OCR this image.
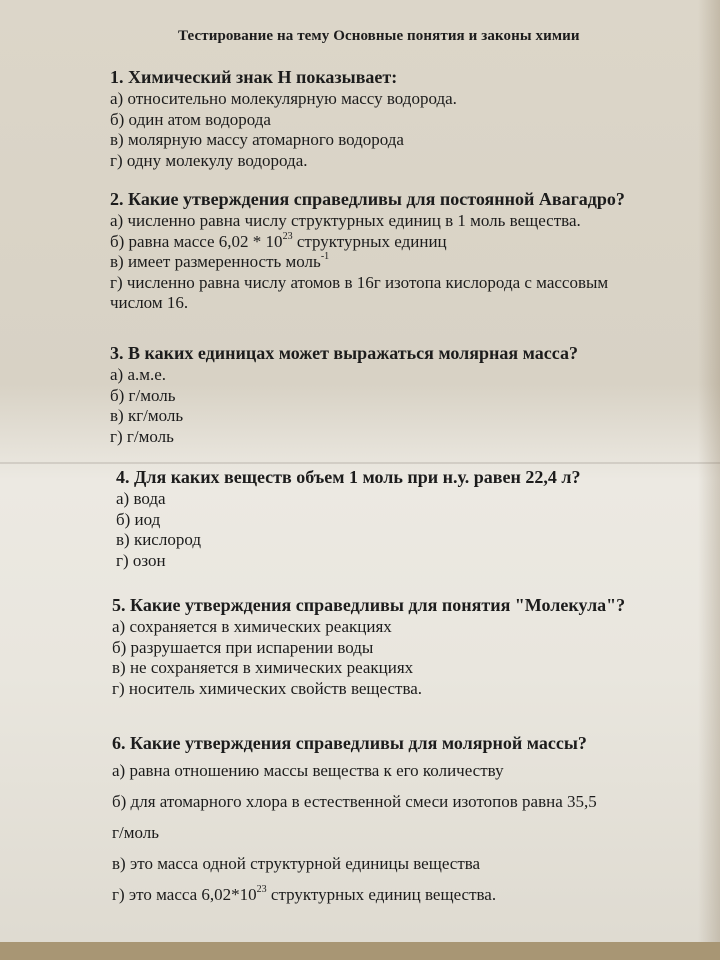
Тестирование на тему Основные понятия и законы химии
1. Химический знак Н показывает:
а) относительно молекулярную массу водорода.
б) один атом водорода
в) молярную массу атомарного водорода
г) одну молекулу водорода.
2. Какие утверждения справедливы для постоянной Авагадро?
а) численно равна числу структурных единиц в 1 моль вещества.
б) равна массе $6,02 * 10^{23}$ структурных единиц
в) имеет размеренность моль$^{-1}$
г) численно равна числу атомов в 16г изотопа кислорода с массовым
числом 16.
3. В каких единицах может выражаться молярная масса?
а) а.м.е.
б) г/моль
в) кг/моль
г) г/моль
4. Для каких веществ объем 1 моль при н.у. равен 22,4 л?
а) вода
б) иод
в) кислород
г) озон
5. Какие утверждения справедливы для понятия "Молекула"?
а) сохраняется в химических реакциях
б) разрушается при испарении воды
в) не сохраняется в химических реакциях
г) носитель химических свойств вещества.
6. Какие утверждения справедливы для молярной массы?
а) равна отношению массы вещества к его количеству
б) для атомарного хлора в естественной смеси изотопов равна 35,5
г/моль
в) это масса одной структурной единицы вещества
г) это масса $6,02*10^{23}$ структурных единиц вещества.
